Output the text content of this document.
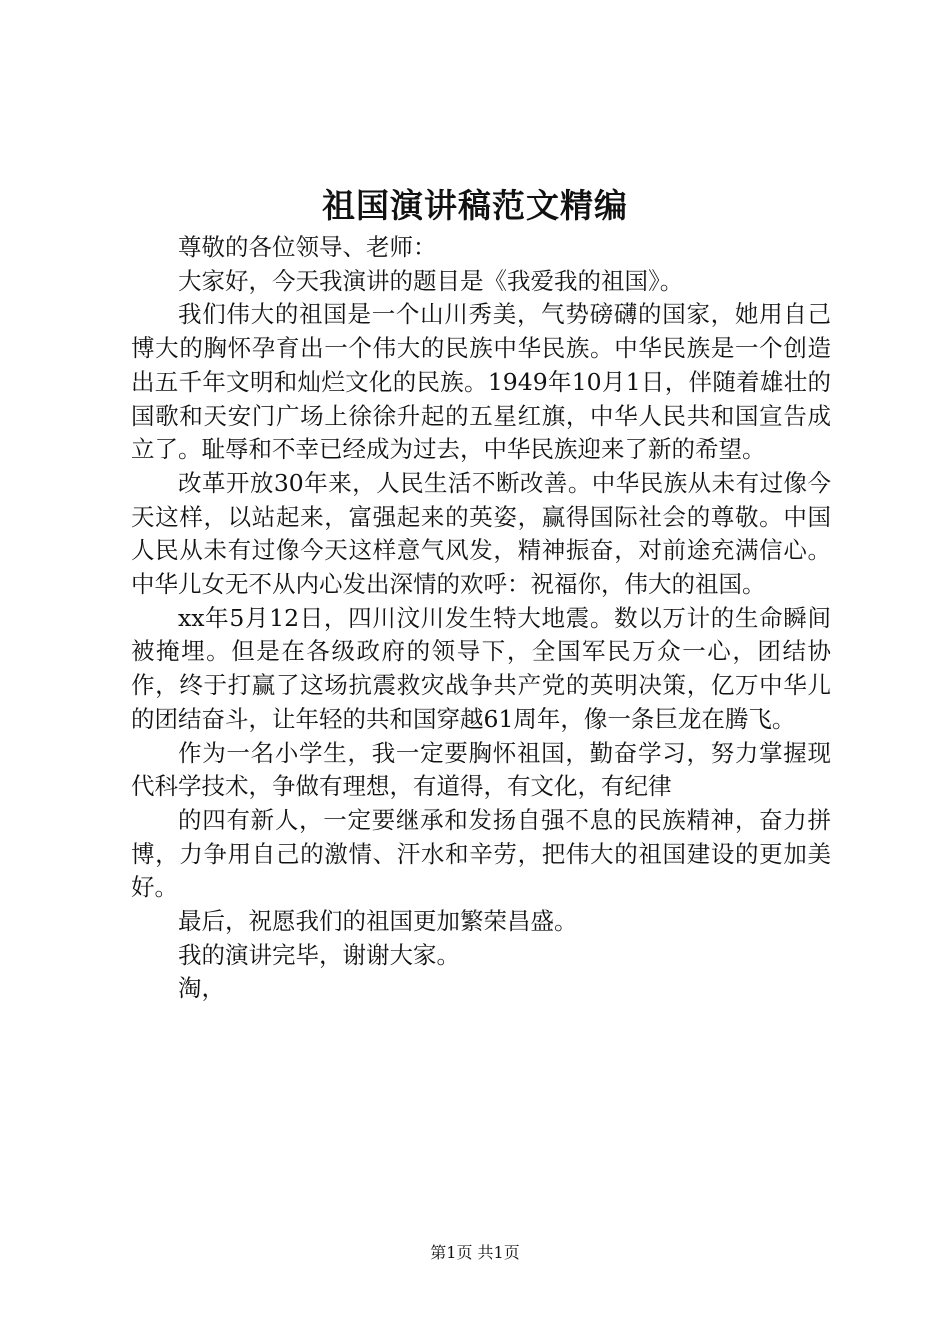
祖国演讲稿范文精编

尊敬的各位领导、老师：

大家好，今天我演讲的题目是《我爱我的祖国》。

我们伟大的祖国是一个山川秀美，气势磅礴的国家，她用自己博大的胸怀孕育出一个伟大的民族中华民族。中华民族是一个创造出五千年文明和灿烂文化的民族。1949年10月1日，伴随着雄壮的国歌和天安门广场上徐徐升起的五星红旗，中华人民共和国宣告成立了。耻辱和不幸已经成为过去，中华民族迎来了新的希望。

改革开放30年来，人民生活不断改善。中华民族从未有过像今天这样，以站起来，富强起来的英姿，赢得国际社会的尊敬。中国人民从未有过像今天这样意气风发，精神振奋，对前途充满信心。中华儿女无不从内心发出深情的欢呼：祝福你，伟大的祖国。

xx年5月12日，四川汶川发生特大地震。数以万计的生命瞬间被掩埋。但是在各级政府的领导下，全国军民万众一心，团结协作，终于打赢了这场抗震救灾战争共产党的英明决策，亿万中华儿的团结奋斗，让年轻的共和国穿越61周年，像一条巨龙在腾飞。

作为一名小学生，我一定要胸怀祖国，勤奋学习，努力掌握现代科学技术，争做有理想，有道得，有文化，有纪律

的四有新人，一定要继承和发扬自强不息的民族精神，奋力拼博，力争用自己的激情、汗水和辛劳，把伟大的祖国建设的更加美好。

最后，祝愿我们的祖国更加繁荣昌盛。

我的演讲完毕，谢谢大家。

淘，

第1页 共1页
